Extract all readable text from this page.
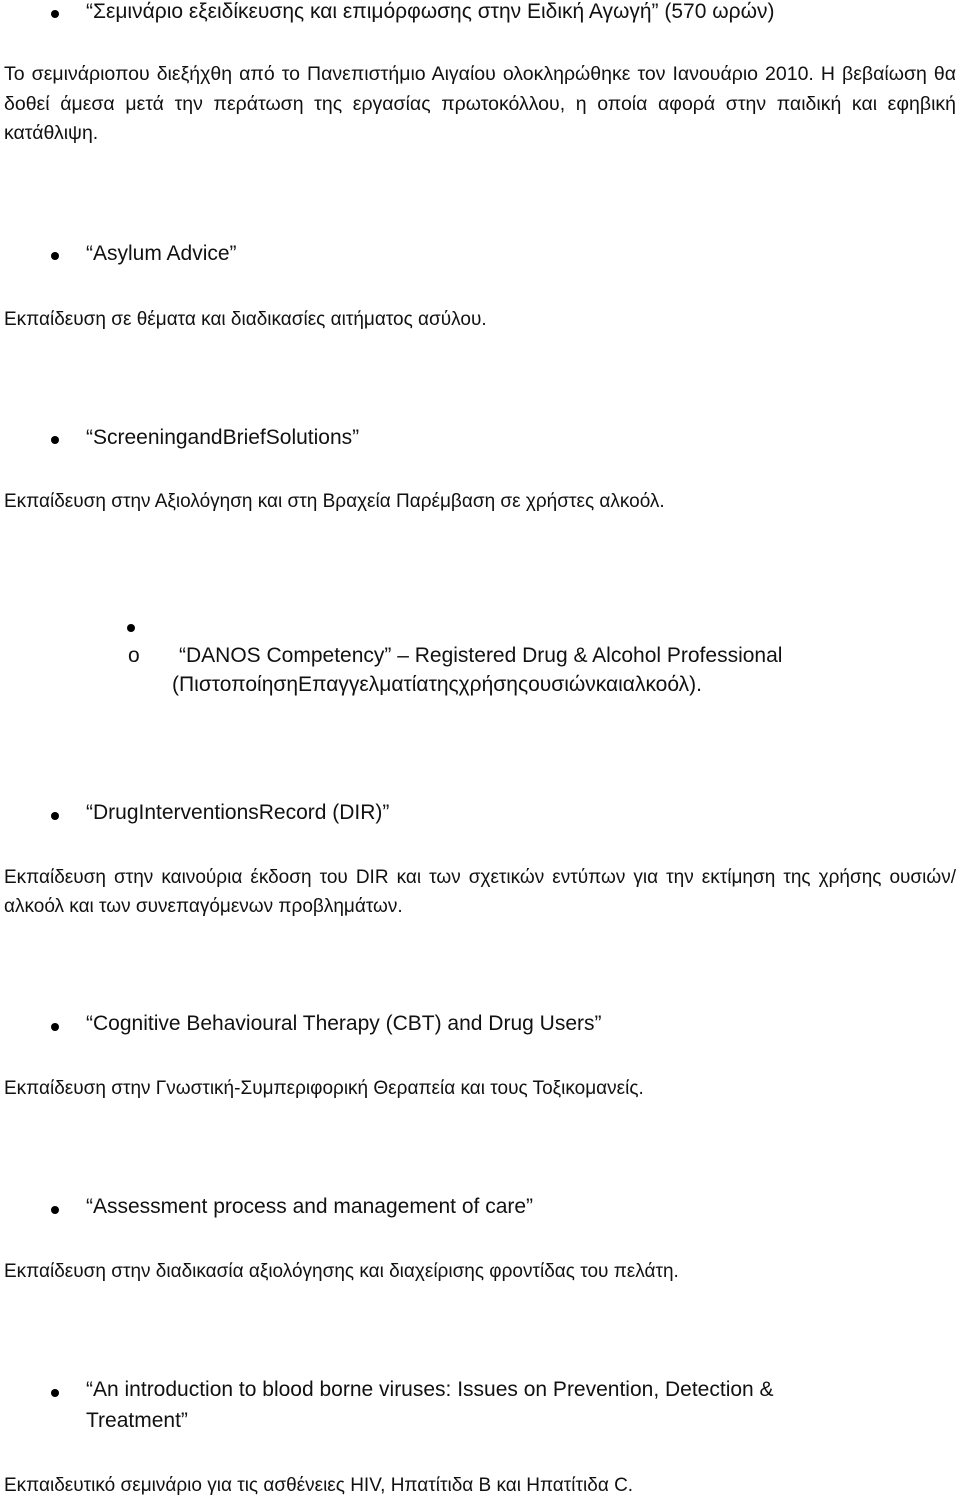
“Σεμινάριο εξειδίκευσης και επιμόρφωσης στην Ειδική Αγωγή” (570 ωρών)
Το σεμινάριοπου διεξήχθη από το Πανεπιστήμιο Αιγαίου ολοκληρώθηκε τον Ιανουάριο 2010. Η βεβαίωση θα δοθεί άμεσα μετά την περάτωση της εργασίας πρωτοκόλλου, η οποία αφορά στην παιδική και εφηβική κατάθλιψη.
“Asylum Advice”
Εκπαίδευση σε θέματα και διαδικασίες αιτήματος ασύλου.
“ScreeningandBriefSolutions”
Εκπαίδευση στην Αξιολόγηση και στη Βραχεία Παρέμβαση σε χρήστες αλκοόλ.
o “DANOS Competency” – Registered Drug & Alcohol Professional
(ΠιστοποίησηΕπαγγελματίατηςχρήσηςουσιώνκαιαλκοόλ).
“DrugInterventionsRecord (DIR)”
Εκπαίδευση στην καινούρια έκδοση του DIR και των σχετικών εντύπων για την εκτίμηση της χρήσης ουσιών/αλκοόλ και των συνεπαγόμενων προβλημάτων.
“Cognitive Behavioural Therapy (CBT) and Drug Users”
Εκπαίδευση στην Γνωστική-Συμπεριφορική Θεραπεία και τους Τοξικομανείς.
“Assessment process and management of care”
Εκπαίδευση στην διαδικασία αξιολόγησης και διαχείρισης φροντίδας του πελάτη.
“An introduction to blood borne viruses: Issues on Prevention, Detection &
Treatment”
Εκπαιδευτικό σεμινάριο για τις ασθένειες HIV, Ηπατίτιδα Β και Ηπατίτιδα C.
